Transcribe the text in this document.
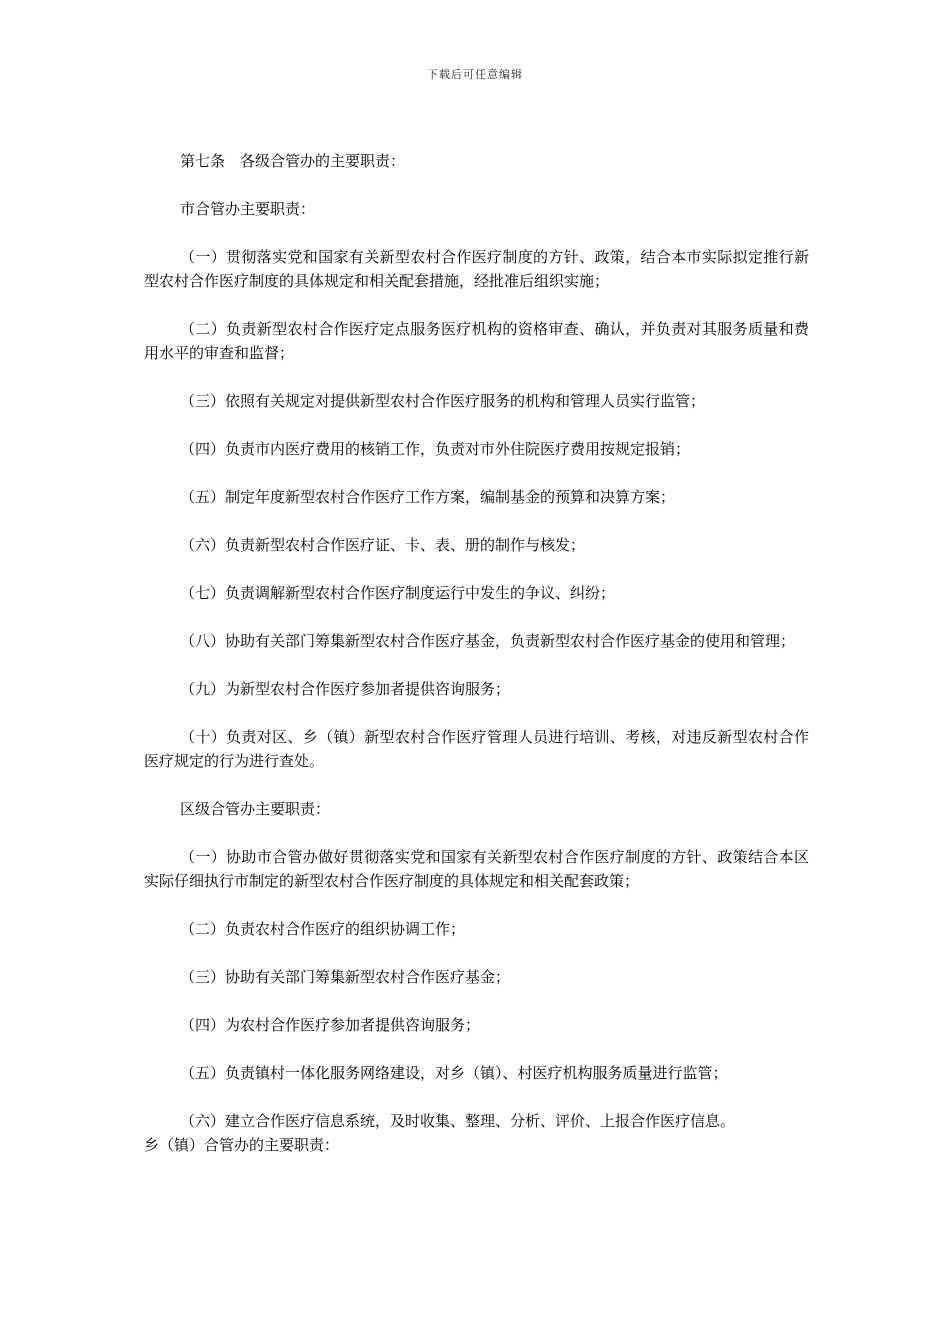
下载后可任意编辑

第七条　各级合管办的主要职责：

市合管办主要职责：

（一）贯彻落实党和国家有关新型农村合作医疗制度的方针、政策，结合本市实际拟定推行新型农村合作医疗制度的具体规定和相关配套措施，经批准后组织实施；

（二）负责新型农村合作医疗定点服务医疗机构的资格审查、确认，并负责对其服务质量和费用水平的审查和监督；

（三）依照有关规定对提供新型农村合作医疗服务的机构和管理人员实行监管；

（四）负责市内医疗费用的核销工作，负责对市外住院医疗费用按规定报销；

（五）制定年度新型农村合作医疗工作方案，编制基金的预算和决算方案；

（六）负责新型农村合作医疗证、卡、表、册的制作与核发；

（七）负责调解新型农村合作医疗制度运行中发生的争议、纠纷；

（八）协助有关部门筹集新型农村合作医疗基金，负责新型农村合作医疗基金的使用和管理；

（九）为新型农村合作医疗参加者提供咨询服务；

（十）负责对区、乡（镇）新型农村合作医疗管理人员进行培训、考核，对违反新型农村合作医疗规定的行为进行查处。

区级合管办主要职责：

（一）协助市合管办做好贯彻落实党和国家有关新型农村合作医疗制度的方针、政策结合本区实际仔细执行市制定的新型农村合作医疗制度的具体规定和相关配套政策；

（二）负责农村合作医疗的组织协调工作；

（三）协助有关部门筹集新型农村合作医疗基金；

（四）为农村合作医疗参加者提供咨询服务；

（五）负责镇村一体化服务网络建设，对乡（镇）、村医疗机构服务质量进行监管；

（六）建立合作医疗信息系统，及时收集、整理、分析、评价、上报合作医疗信息。

乡（镇）合管办的主要职责：
